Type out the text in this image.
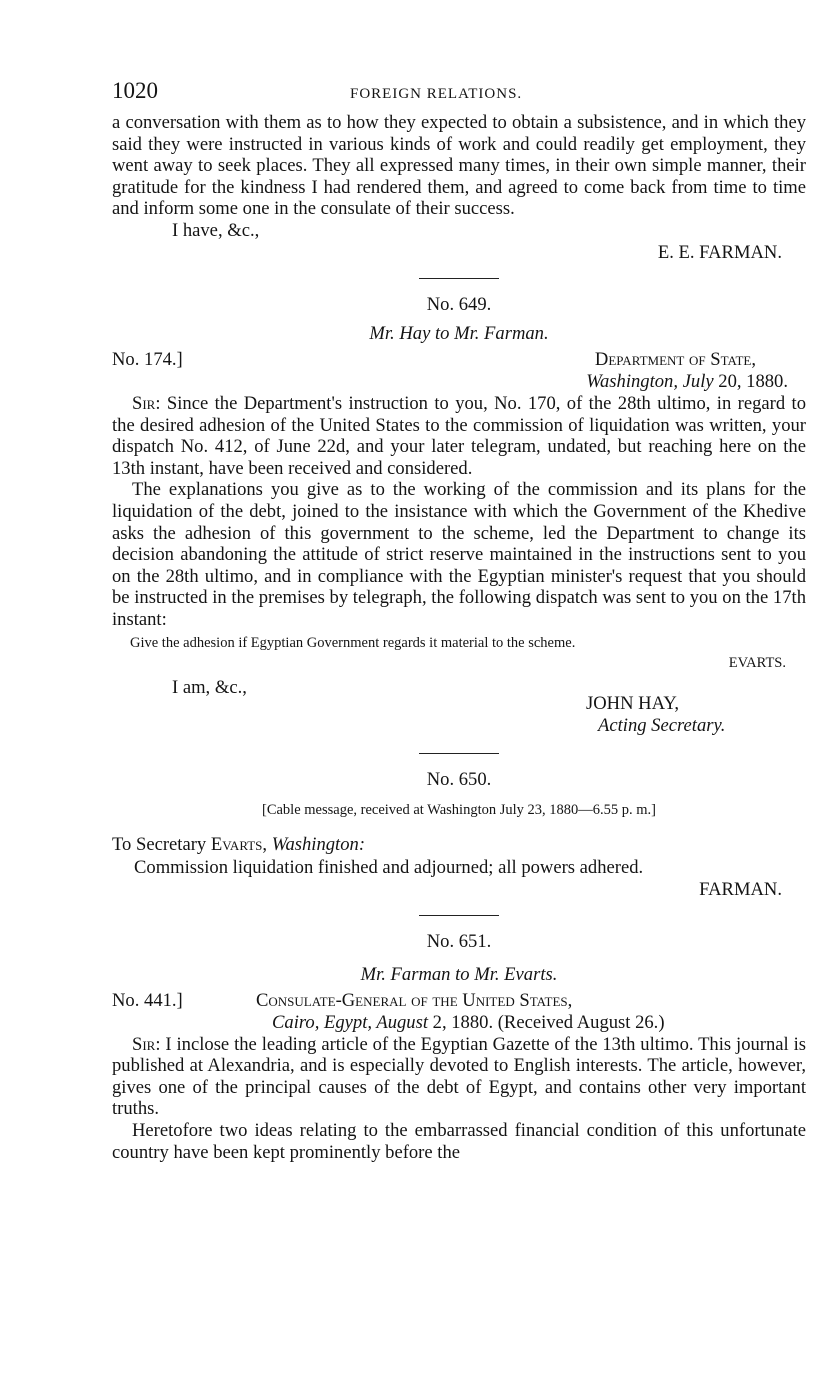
1020	FOREIGN RELATIONS.

a conversation with them as to how they expected to obtain a subsistence, and in which they said they were instructed in various kinds of work and could readily get employment, they went away to seek places. They all expressed many times, in their own simple manner, their gratitude for the kindness I had rendered them, and agreed to come back from time to time and inform some one in the consulate of their success.

I have, &c.,

E. E. FARMAN.

No. 649.

Mr. Hay to Mr. Farman.

No. 174.]	Department of State,
Washington, July 20, 1880.

Sir: Since the Department's instruction to you, No. 170, of the 28th ultimo, in regard to the desired adhesion of the United States to the commission of liquidation was written, your dispatch No. 412, of June 22d, and your later telegram, undated, but reaching here on the 13th instant, have been received and considered.

The explanations you give as to the working of the commission and its plans for the liquidation of the debt, joined to the insistance with which the Government of the Khedive asks the adhesion of this government to the scheme, led the Department to change its decision abandoning the attitude of strict reserve maintained in the instructions sent to you on the 28th ultimo, and in compliance with the Egyptian minister's request that you should be instructed in the premises by telegraph, the following dispatch was sent to you on the 17th instant:

Give the adhesion if Egyptian Government regards it material to the scheme.

EVARTS.

I am, &c.,
JOHN HAY,
Acting Secretary.

No. 650.

[Cable message, received at Washington July 23, 1880—6.55 p. m.]

To Secretary Evarts, Washington:

Commission liquidation finished and adjourned; all powers adhered.

FARMAN.

No. 651.

Mr. Farman to Mr. Evarts.

No. 441.]	Consulate-General of the United States,
Cairo, Egypt, August 2, 1880. (Received August 26.)

Sir: I inclose the leading article of the Egyptian Gazette of the 13th ultimo. This journal is published at Alexandria, and is especially devoted to English interests. The article, however, gives one of the principal causes of the debt of Egypt, and contains other very important truths.

Heretofore two ideas relating to the embarrassed financial condition of this unfortunate country have been kept prominently before the
